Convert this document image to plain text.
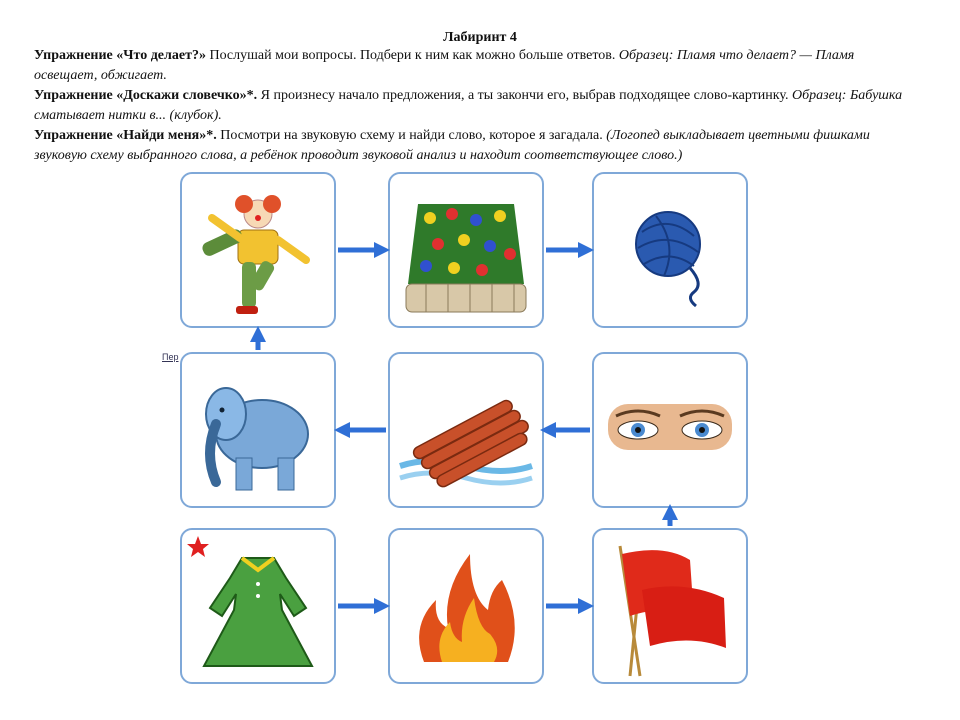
Лабиринт 4

Упражнение «Что делает?» Послушай мои вопросы. Подбери к ним как можно больше ответов. Образец: Пламя что делает? — Пламя освещает, обжигает.

Упражнение «Доскажи словечко»*. Я произнесу начало предложения, а ты закончи его, выбрав подходящее слово-картинку. Образец: Бабушка сматывает нитки в... (клубок).

Упражнение «Найди меня»*. Посмотри на звуковую схему и найди слово, которое я загадала. (Логопед выкладывает цветными фишками звуковую схему выбранного слова, а ребёнок проводит звуковой анализ и находит соответствующее слово.)

Пер
